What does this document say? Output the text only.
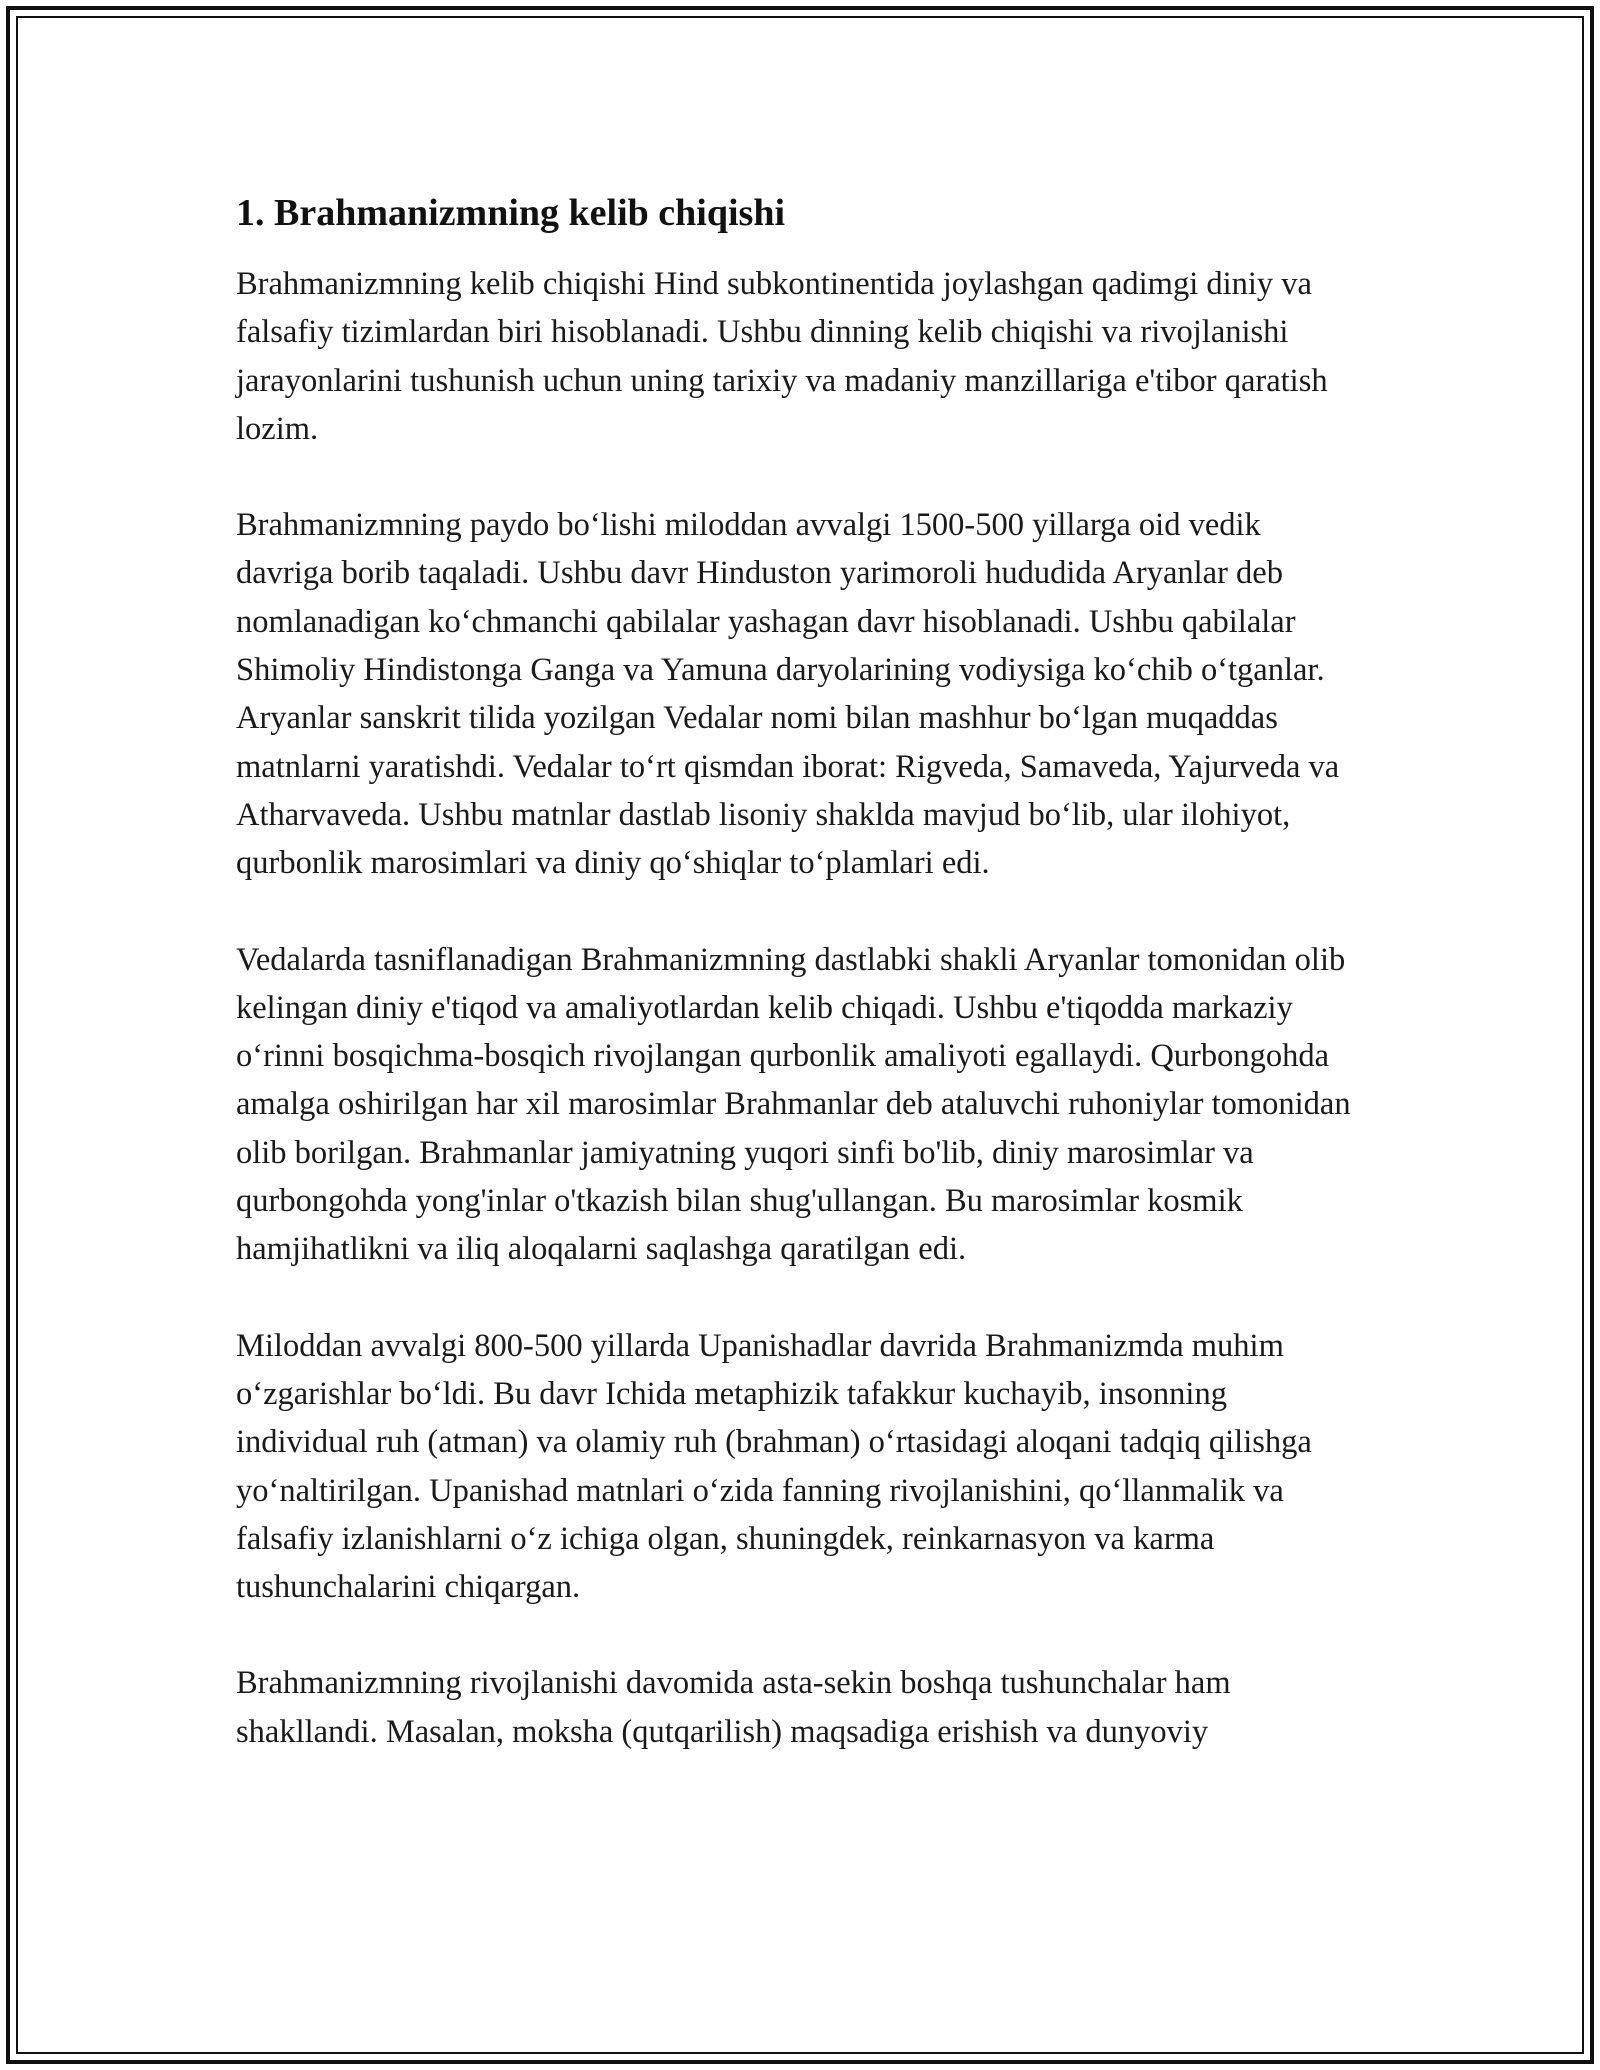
1. Brahmanizmning kelib chiqishi

Brahmanizmning kelib chiqishi Hind subkontinentida joylashgan qadimgi diniy va falsafiy tizimlardan biri hisoblanadi. Ushbu dinning kelib chiqishi va rivojlanishi jarayonlarini tushunish uchun uning tarixiy va madaniy manzillariga e'tibor qaratish lozim.

Brahmanizmning paydo bo‘lishi miloddan avvalgi 1500-500 yillarga oid vedik davriga borib taqaladi. Ushbu davr Hinduston yarimoroli hududida Aryanlar deb nomlanadigan ko‘chmanchi qabilalar yashagan davr hisoblanadi. Ushbu qabilalar Shimoliy Hindistonga Ganga va Yamuna daryolarining vodiysiga ko‘chib o‘tganlar. Aryanlar sanskrit tilida yozilgan Vedalar nomi bilan mashhur bo‘lgan muqaddas matnlarni yaratishdi. Vedalar to‘rt qismdan iborat: Rigveda, Samaveda, Yajurveda va Atharvaveda. Ushbu matnlar dastlab lisoniy shaklda mavjud bo‘lib, ular ilohiyot, qurbonlik marosimlari va diniy qo‘shiqlar to‘plamlari edi.

Vedalarda tasniflanadigan Brahmanizmning dastlabki shakli Aryanlar tomonidan olib kelingan diniy e'tiqod va amaliyotlardan kelib chiqadi. Ushbu e'tiqodda markaziy o‘rinni bosqichma-bosqich rivojlangan qurbonlik amaliyoti egallaydi. Qurbongohda amalga oshirilgan har xil marosimlar Brahmanlar deb ataluvchi ruhoniylar tomonidan olib borilgan. Brahmanlar jamiyatning yuqori sinfi bo'lib, diniy marosimlar va qurbongohda yong'inlar o'tkazish bilan shug'ullangan. Bu marosimlar kosmik hamjihatlikni va iliq aloqalarni saqlashga qaratilgan edi.

Miloddan avvalgi 800-500 yillarda Upanishadlar davrida Brahmanizmda muhim o‘zgarishlar bo‘ldi. Bu davr Ichida metaphizik tafakkur kuchayib, insonning individual ruh (atman) va olamiy ruh (brahman) o‘rtasidagi aloqani tadqiq qilishga yo‘naltirilgan. Upanishad matnlari o‘zida fanning rivojlanishini, qo‘llanmalik va falsafiy izlanishlarni o‘z ichiga olgan, shuningdek, reinkarnasyon va karma tushunchalarini chiqargan.

Brahmanizmning rivojlanishi davomida asta-sekin boshqa tushunchalar ham shakllandi. Masalan, moksha (qutqarilish) maqsadiga erishish va dunyoviy
